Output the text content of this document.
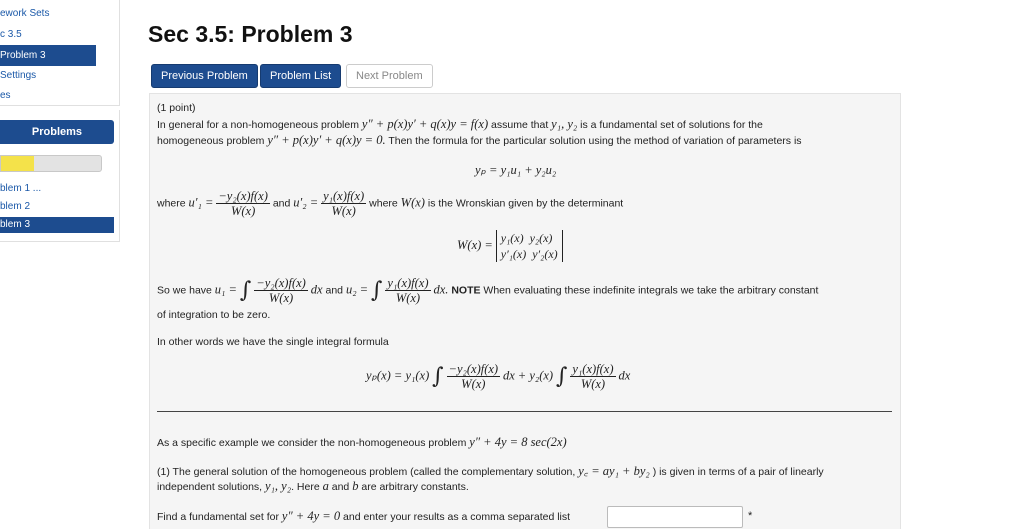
ework Sets
c 3.5
Problem 3
Settings
es
Problems
blem 1 ...
blem 2
blem 3
Sec 3.5: Problem 3
Previous Problem	Problem List	Next Problem
(1 point)
In general for a non-homogeneous problem y″ + p(x)y′ + q(x)y = f(x) assume that y₁, y₂ is a fundamental set of solutions for the
homogeneous problem y″ + p(x)y′ + q(x)y = 0. Then the formula for the particular solution using the method of variation of parameters is
yₚ = y₁u₁ + y₂u₂
where $u'_1 = \frac{\text{−y₂(x)f(x)}}{W(x)}$ and $u'_2 = \frac{\text{y₁(x)f(x)}}{W(x)}$ where W(x) is the Wronskian given by the determinant
W(x) = y₁(x) y₂(x)
y′₁(x) y′₂(x)
So we have u₁ = ∫ $\frac{\text{−y₂(x)f(x)}}{W(x)}$ dx and u₂ = ∫ $\frac{\text{y₁(x)f(x)}}{W(x)}$ dx. NOTE When evaluating these indefinite integrals we take the arbitrary constant
of integration to be zero.
In other words we have the single integral formula
yₚ(x) = y₁(x) ∫ $\frac{\text{−y₂(x)f(x)}}{W(x)}$ dx + y₂(x) ∫ $\frac{\text{y₁(x)f(x)}}{W(x)}$ dx
As a specific example we consider the non-homogeneous problem y″ + 4y = 8 sec(2x)
(1) The general solution of the homogeneous problem (called the complementary solution, y꜀ = ay₁ + by₂ ) is given in terms of a pair of linearly
independent solutions, y₁, y₂. Here a and b are arbitrary constants.
Find a fundamental set for y″ + 4y = 0 and enter your results as a comma separated list	*
